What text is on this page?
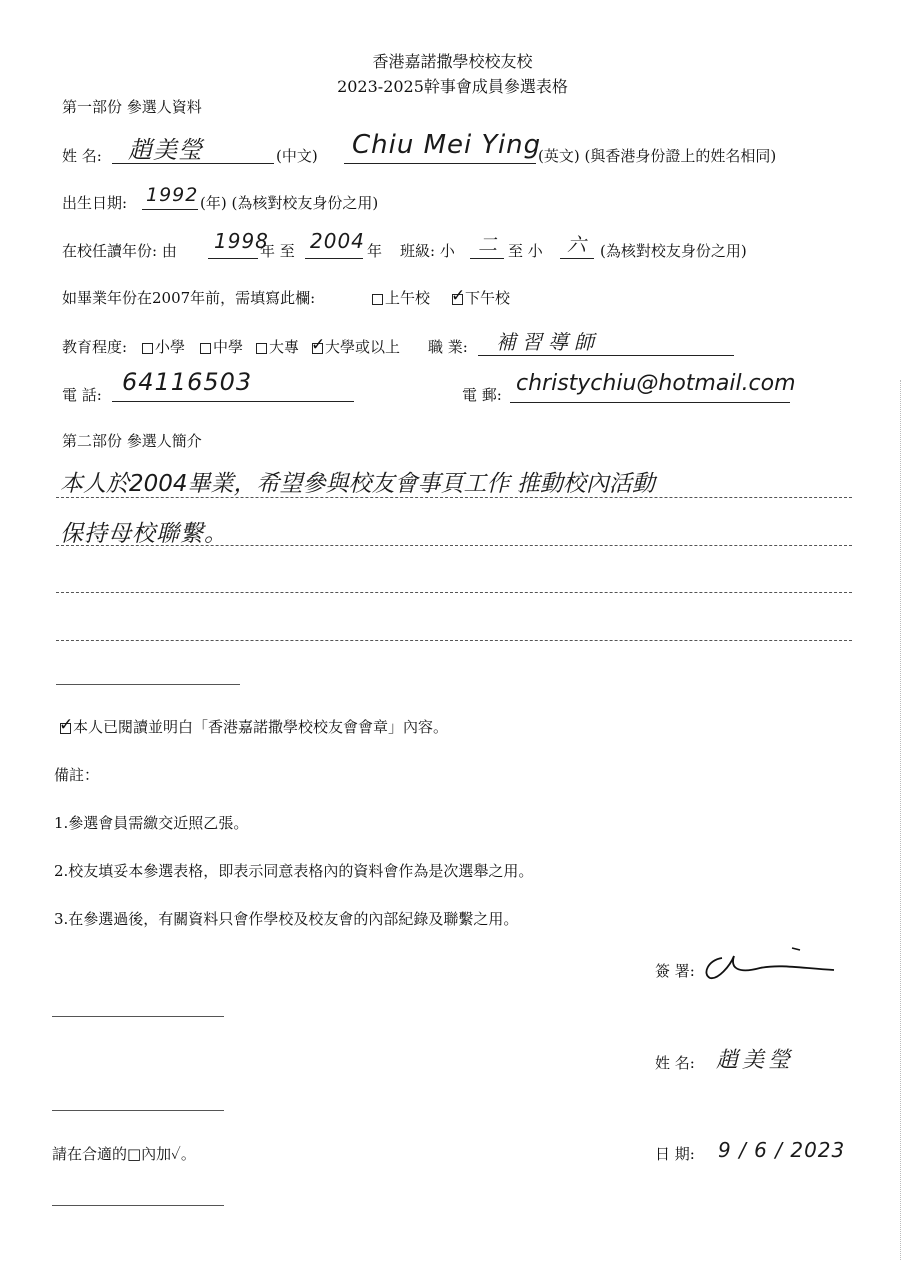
香港嘉諾撒學校校友校
2023-2025幹事會成員參選表格
第一部份 參選人資料
姓 名: 趙美瑩	(中文) Chiu Mei Ying
(英文) (與香港身份證上的姓名相同)
出生日期: 1992 (年) (為核對校友身份之用)
在校任讀年份: 由 1998
年 至 2004 年 班級: 小 二 至 小 六 (為核對校友身份之用)
如畢業年份在2007年前，需填寫此欄:	上午校 ✓ 下午校
教育程度:	小學	中學	大專 ✓ 大學或以上 職 業: 補習導師
電 話: 64116503	電 郵: christychiu@hotmail.com
第二部份 參選人簡介
本人於2004畢業，希望參與校友會事頁工作 推動校內活動
保持母校聯繫。
✓ 本人已閱讀並明白「香港嘉諾撒學校校友會會章」內容。
備註：
1.參選會員需繳交近照乙張。
2.校友填妥本參選表格，即表示同意表格內的資料會作為是次選舉之用。
3.在參選過後，有關資料只會作學校及校友會的內部紀錄及聯繫之用。
簽 署:
姓 名: 趙美瑩
請在合適的□內加✓。	日 期: 9 / 6 / 2023
